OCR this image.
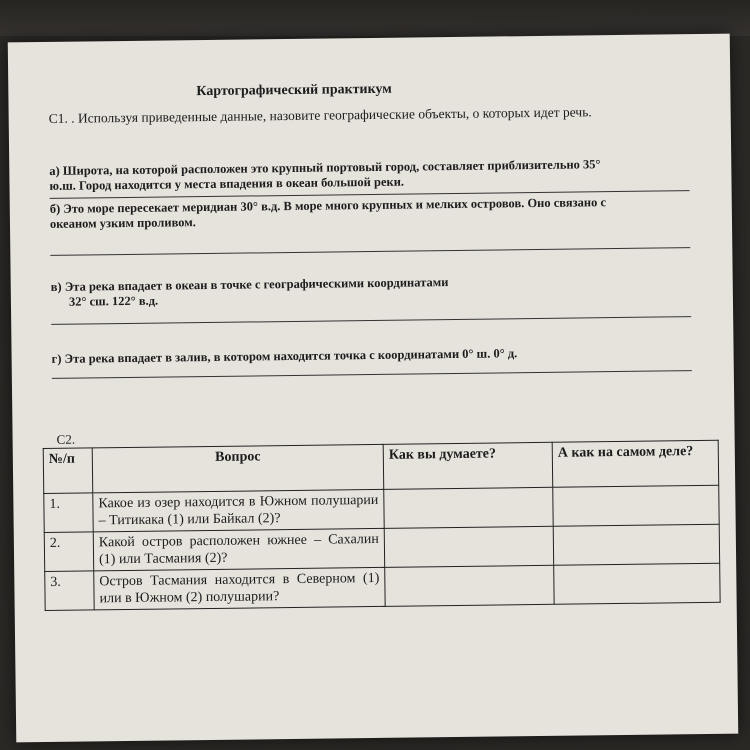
Картографический практикум
С1. . Используя приведенные данные, назовите географические объекты, о которых идет речь.
а) Широта, на которой расположен это крупный портовый город, составляет приблизительно 35°
ю.ш. Город находится у места впадения в океан большой реки.
б) Это море пересекает меридиан 30° в.д. В море много крупных и мелких островов. Оно связано с
океаном узким проливом.
в) Эта река впадает в океан в точке с географическими координатами
32° сш. 122° в.д.
г) Эта река впадает в залив, в котором находится точка с координатами 0° ш. 0° д.
С2.
№/п	Вопрос	Как вы думаете?	А как на самом деле?
1.	Какое из озер находится в Южном полушарии – Титикака (1) или Байкал (2)?		
2.	Какой остров расположен южнее – Сахалин (1) или Тасмания (2)?		
3.	Остров Тасмания находится в Северном (1) или в Южном (2) полушарии?		
